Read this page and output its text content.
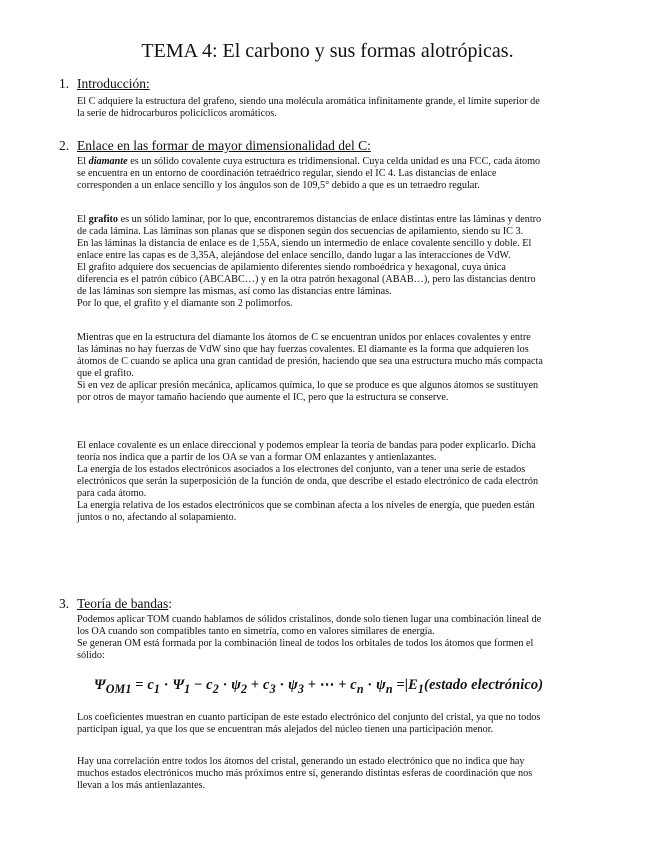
TEMA 4: El carbono y sus formas alotrópicas.
1. Introducción:
El C adquiere la estructura del grafeno, siendo una molécula aromática infinitamente grande, el límite superior de
la serie de hidrocarburos policíclicos aromáticos.
2. Enlace en las formar de mayor dimensionalidad del C:
El diamante es un sólido covalente cuya estructura es tridimensional. Cuya celda unidad es una FCC, cada átomo
se encuentra en un entorno de coordinación tetraédrico regular, siendo el IC 4. Las distancias de enlace
corresponden a un enlace sencillo y los ángulos son de 109,5° debido a que es un tetraedro regular.
El grafito es un sólido laminar, por lo que, encontraremos distancias de enlace distintas entre las láminas y dentro
de cada lámina. Las láminas son planas que se disponen según dos secuencias de apilamiento, siendo su IC 3.
En las láminas la distancia de enlace es de 1,55A, siendo un intermedio de enlace covalente sencillo y doble. El
enlace entre las capas es de 3,35A, alejándose del enlace sencillo, dando lugar a las interacciones de VdW.
El grafito adquiere dos secuencias de apilamiento diferentes siendo romboédrica y hexagonal, cuya única
diferencia es el patrón cúbico (ABCABC…) y en la otra patrón hexagonal (ABAB…), pero las distancias dentro
de las láminas son siempre las mismas, así como las distancias entre láminas.
Por lo que, el grafito y el diamante son 2 polimorfos.
Mientras que en la estructura del diamante los átomos de C se encuentran unidos por enlaces covalentes y entre
las láminas no hay fuerzas de VdW sino que hay fuerzas covalentes. El diamante es la forma que adquieren los
átomos de C cuando se aplica una gran cantidad de presión, haciendo que sea una estructura mucho más compacta
que el grafito.
Si en vez de aplicar presión mecánica, aplicamos química, lo que se produce es que algunos átomos se sustituyen
por otros de mayor tamaño haciendo que aumente el IC, pero que la estructura se conserve.
El enlace covalente es un enlace direccional y podemos emplear la teoría de bandas para poder explicarlo. Dicha
teoría nos indica que a partir de los OA se van a formar OM enlazantes y antienlazantes.
La energía de los estados electrónicos asociados a los electrones del conjunto, van a tener una serie de estados
electrónicos que serán la superposición de la función de onda, que describe el estado electrónico de cada electrón
para cada átomo.
La energía relativa de los estados electrónicos que se combinan afecta a los niveles de energía, que pueden están
juntos o no, afectando al solapamiento.
3. Teoría de bandas:
Podemos aplicar TOM cuando hablamos de sólidos cristalinos, donde solo tienen lugar una combinación lineal de
los OA cuando son compatibles tanto en simetría, como en valores similares de energía.
Se generan OM está formada por la combinación lineal de todos los orbitales de todos los átomos que formen el
sólido:
$\Psi_{OM1} = c_1 \cdot \Psi_1 - c_2 \cdot \psi_2 + c_3 \cdot \psi_3$ + ⋯ + $c_n \cdot \psi_n$ $=|E_1(estado$ electrónico)
Los coeficientes muestran en cuanto participan de este estado electrónico del conjunto del cristal, ya que no todos
participan igual, ya que los que se encuentran más alejados del núcleo tienen una participación menor.
Hay una correlación entre todos los átomos del cristal, generando un estado electrónico que no indica que hay
muchos estados electrónicos mucho más próximos entre sí, generando distintas esferas de coordinación que nos
llevan a los más antienlazantes.
